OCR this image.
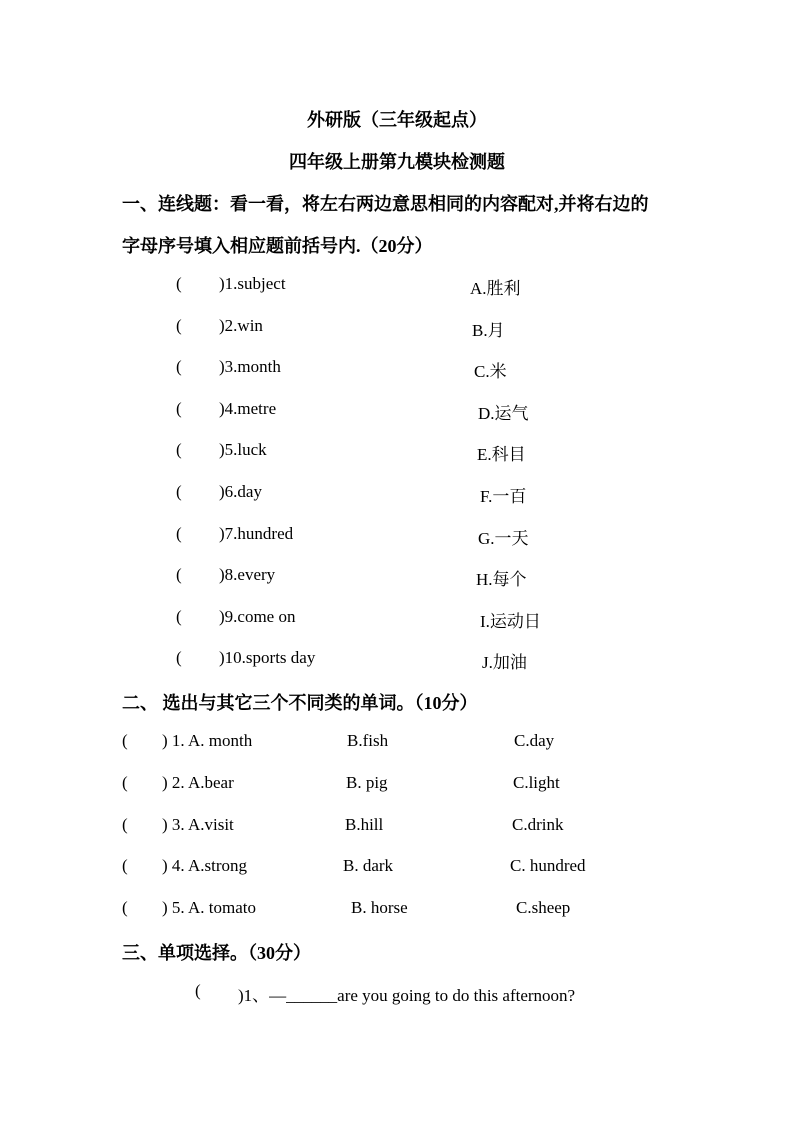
外研版（三年级起点）
四年级上册第九模块检测题
一、连线题：看一看，将左右两边意思相同的内容配对,并将右边的
字母序号填入相应题前括号内.（20分）
( )1.subject	A.胜利
( )2.win	B.月
( )3.month	C.米
( )4.metre	D.运气
( )5.luck	E.科目
( )6.day	F.一百
( )7.hundred	G.一天
( )8.every	H.每个
( )9.come on	I.运动日
( )10.sports day	J.加油
二、 选出与其它三个不同类的单词。（10分）
( ) 1. A. month	B.fish	C.day
( ) 2. A.bear	B. pig	C.light
( ) 3. A.visit	B.hill	C.drink
( ) 4. A.strong	B. dark	C. hundred
( ) 5. A. tomato	B. horse	C.sheep
三、单项选择。（30分）
( )1、—______are you going to do this afternoon?
